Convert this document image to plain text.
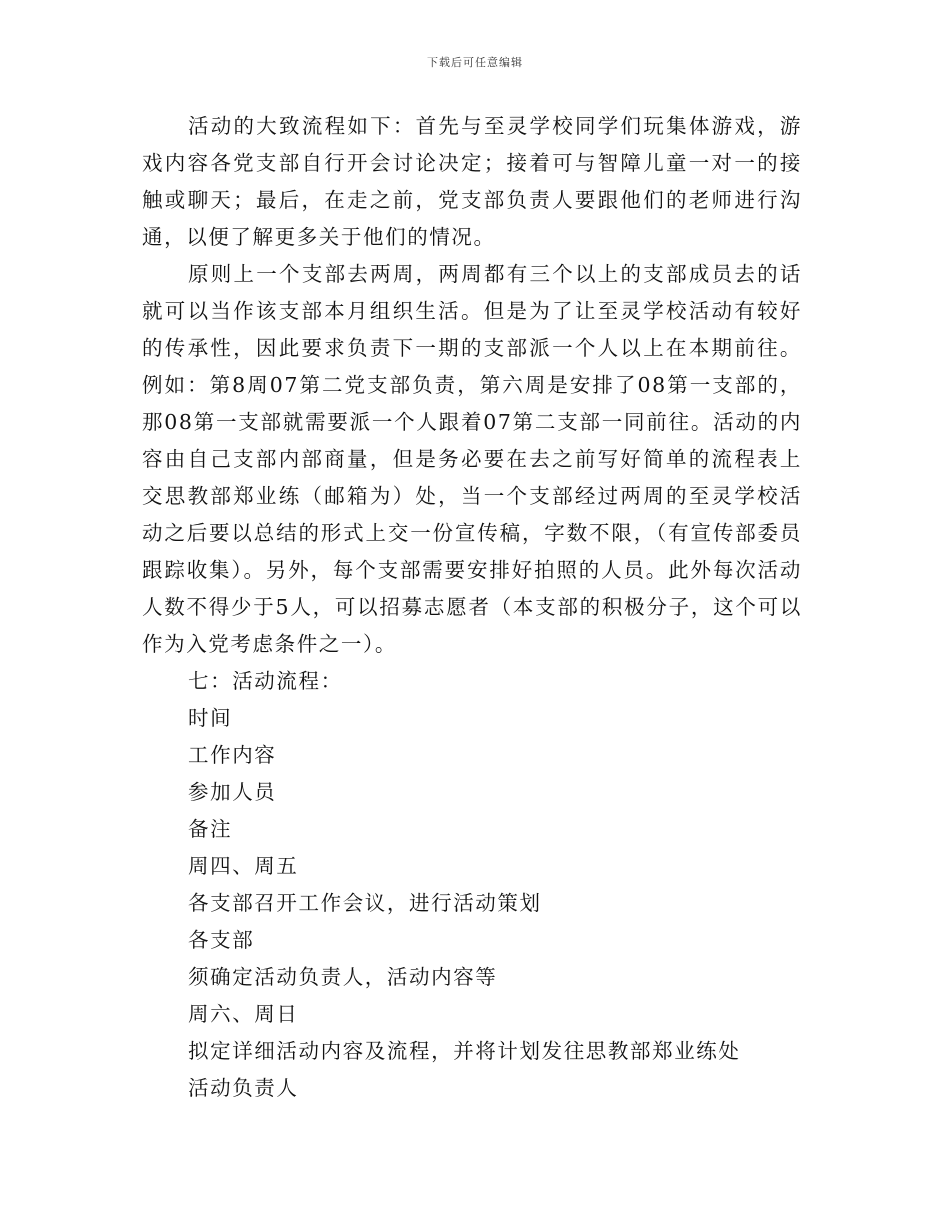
下载后可任意编辑

活动的大致流程如下：首先与至灵学校同学们玩集体游戏，游戏内容各党支部自行开会讨论决定；接着可与智障儿童一对一的接触或聊天；最后，在走之前，党支部负责人要跟他们的老师进行沟通，以便了解更多关于他们的情况。

原则上一个支部去两周，两周都有三个以上的支部成员去的话就可以当作该支部本月组织生活。但是为了让至灵学校活动有较好的传承性，因此要求负责下一期的支部派一个人以上在本期前往。例如：第8周07第二党支部负责，第六周是安排了08第一支部的，那08第一支部就需要派一个人跟着07第二支部一同前往。活动的内容由自己支部内部商量，但是务必要在去之前写好简单的流程表上交思教部郑业练（邮箱为）处，当一个支部经过两周的至灵学校活动之后要以总结的形式上交一份宣传稿，字数不限，（有宣传部委员跟踪收集）。另外，每个支部需要安排好拍照的人员。此外每次活动人数不得少于5人，可以招募志愿者（本支部的积极分子，这个可以作为入党考虑条件之一）。

七：活动流程：

时间

工作内容

参加人员

备注

周四、周五

各支部召开工作会议，进行活动策划

各支部

须确定活动负责人，活动内容等

周六、周日

拟定详细活动内容及流程，并将计划发往思教部郑业练处

活动负责人
